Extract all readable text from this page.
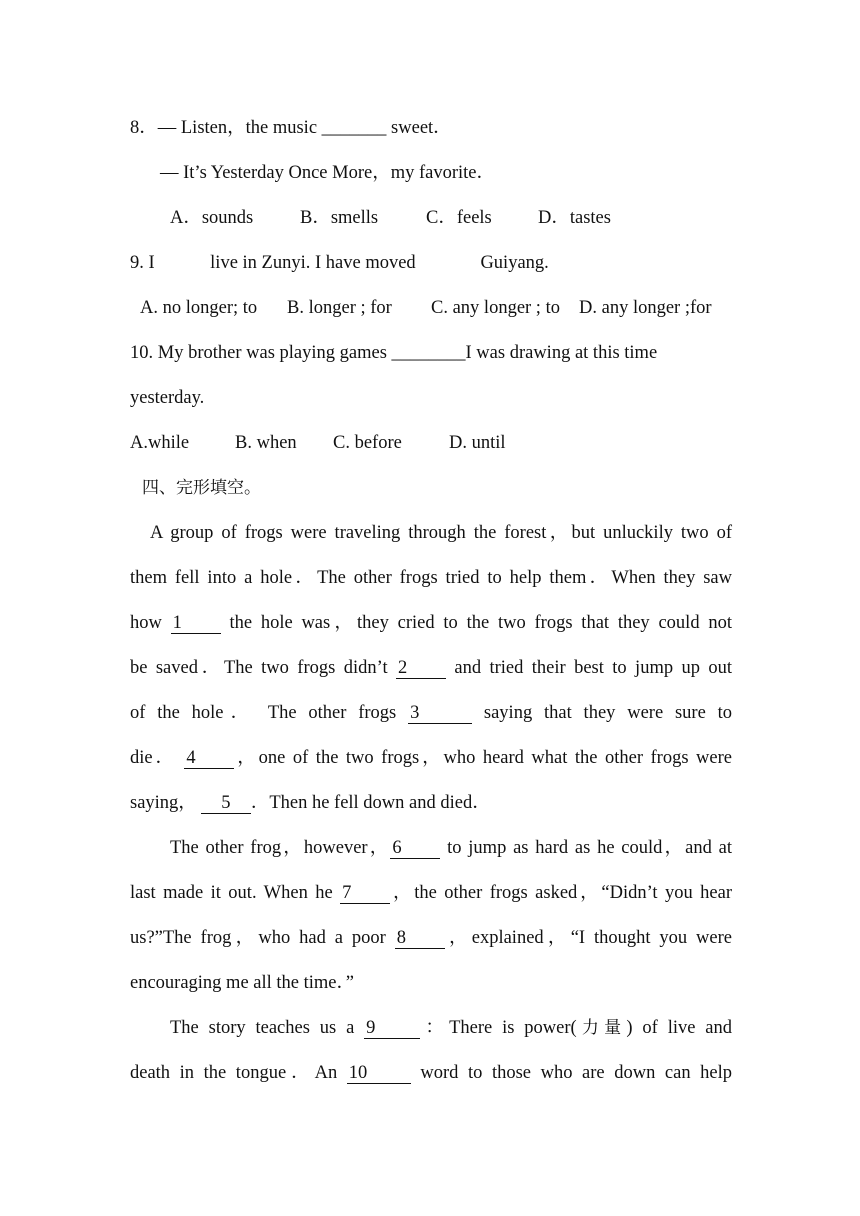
8．— Listen，the music _______ sweet．
— It’s Yesterday Once More，my favorite．
A．sounds	B．smells	C．feels D．tastes
9. I	live in Zunyi. I have moved	Guiyang.
A. no longer; to B. longer ; for C. any longer ; to D. any longer ;for
10. My brother was playing games ________I was drawing at this time
yesterday.
A.while B. when C. before	D. until
四、完形填空。
A group of frogs were traveling through the forest，but unluckily two of
them fell into a hole．The other frogs tried to help them．When they saw
how 1	the hole was，they cried to the two frogs that they could not
be saved．The two frogs didn’t 2	and tried their best to jump up out
of the hole． The other frogs 3	saying that they were sure to
die． 4 ，one of the two frogs，who heard what the other frogs were
saying， 5 ．Then he fell down and died．
The other frog，however， 6 to jump as hard as he could，and at
last made it out. When he 7 ，the other frogs asked，“Didn’t you hear
us?”The frog，who had a poor 8 ，explained，“I thought you were
encouraging me all the time．”
The story teaches us a 9 ：There is power(力量) of live and
death in the tongue．An 10	word to those who are down can help
